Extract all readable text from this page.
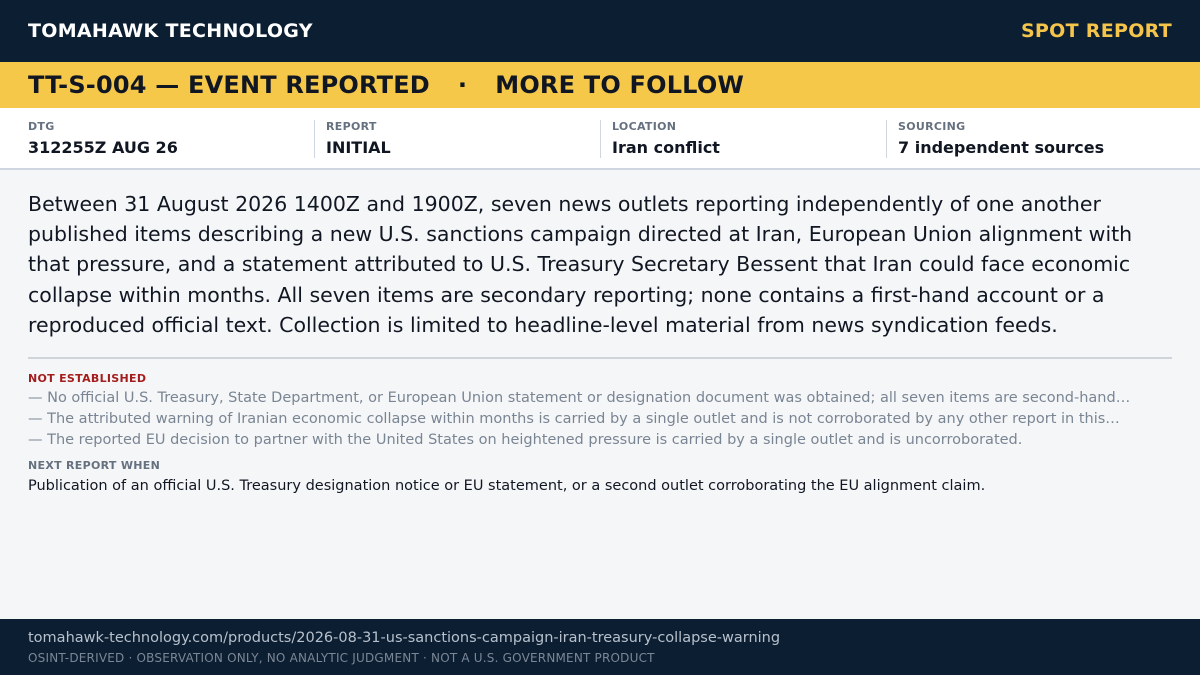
TOMAHAWK TECHNOLOGY	SPOT REPORT
TT-S-004 — EVENT REPORTED · MORE TO FOLLOW
DTG
312255Z AUG 26
REPORT
INITIAL
LOCATION
Iran conflict
SOURCING
7 independent sources

Between 31 August 2026 1400Z and 1900Z, seven news outlets reporting independently of one another published items describing a new U.S. sanctions campaign directed at Iran, European Union alignment with that pressure, and a statement attributed to U.S. Treasury Secretary Bessent that Iran could face economic collapse within months. All seven items are secondary reporting; none contains a first-hand account or a reproduced official text. Collection is limited to headline-level material from news syndication feeds.

NOT ESTABLISHED
— No official U.S. Treasury, State Department, or European Union statement or designation document was obtained; all seven items are second-hand…
— The attributed warning of Iranian economic collapse within months is carried by a single outlet and is not corroborated by any other report in this…
— The reported EU decision to partner with the United States on heightened pressure is carried by a single outlet and is uncorroborated.
NEXT REPORT WHEN
Publication of an official U.S. Treasury designation notice or EU statement, or a second outlet corroborating the EU alignment claim.
tomahawk-technology.com/products/2026-08-31-us-sanctions-campaign-iran-treasury-collapse-warning
OSINT-DERIVED · OBSERVATION ONLY, NO ANALYTIC JUDGMENT · NOT A U.S. GOVERNMENT PRODUCT
